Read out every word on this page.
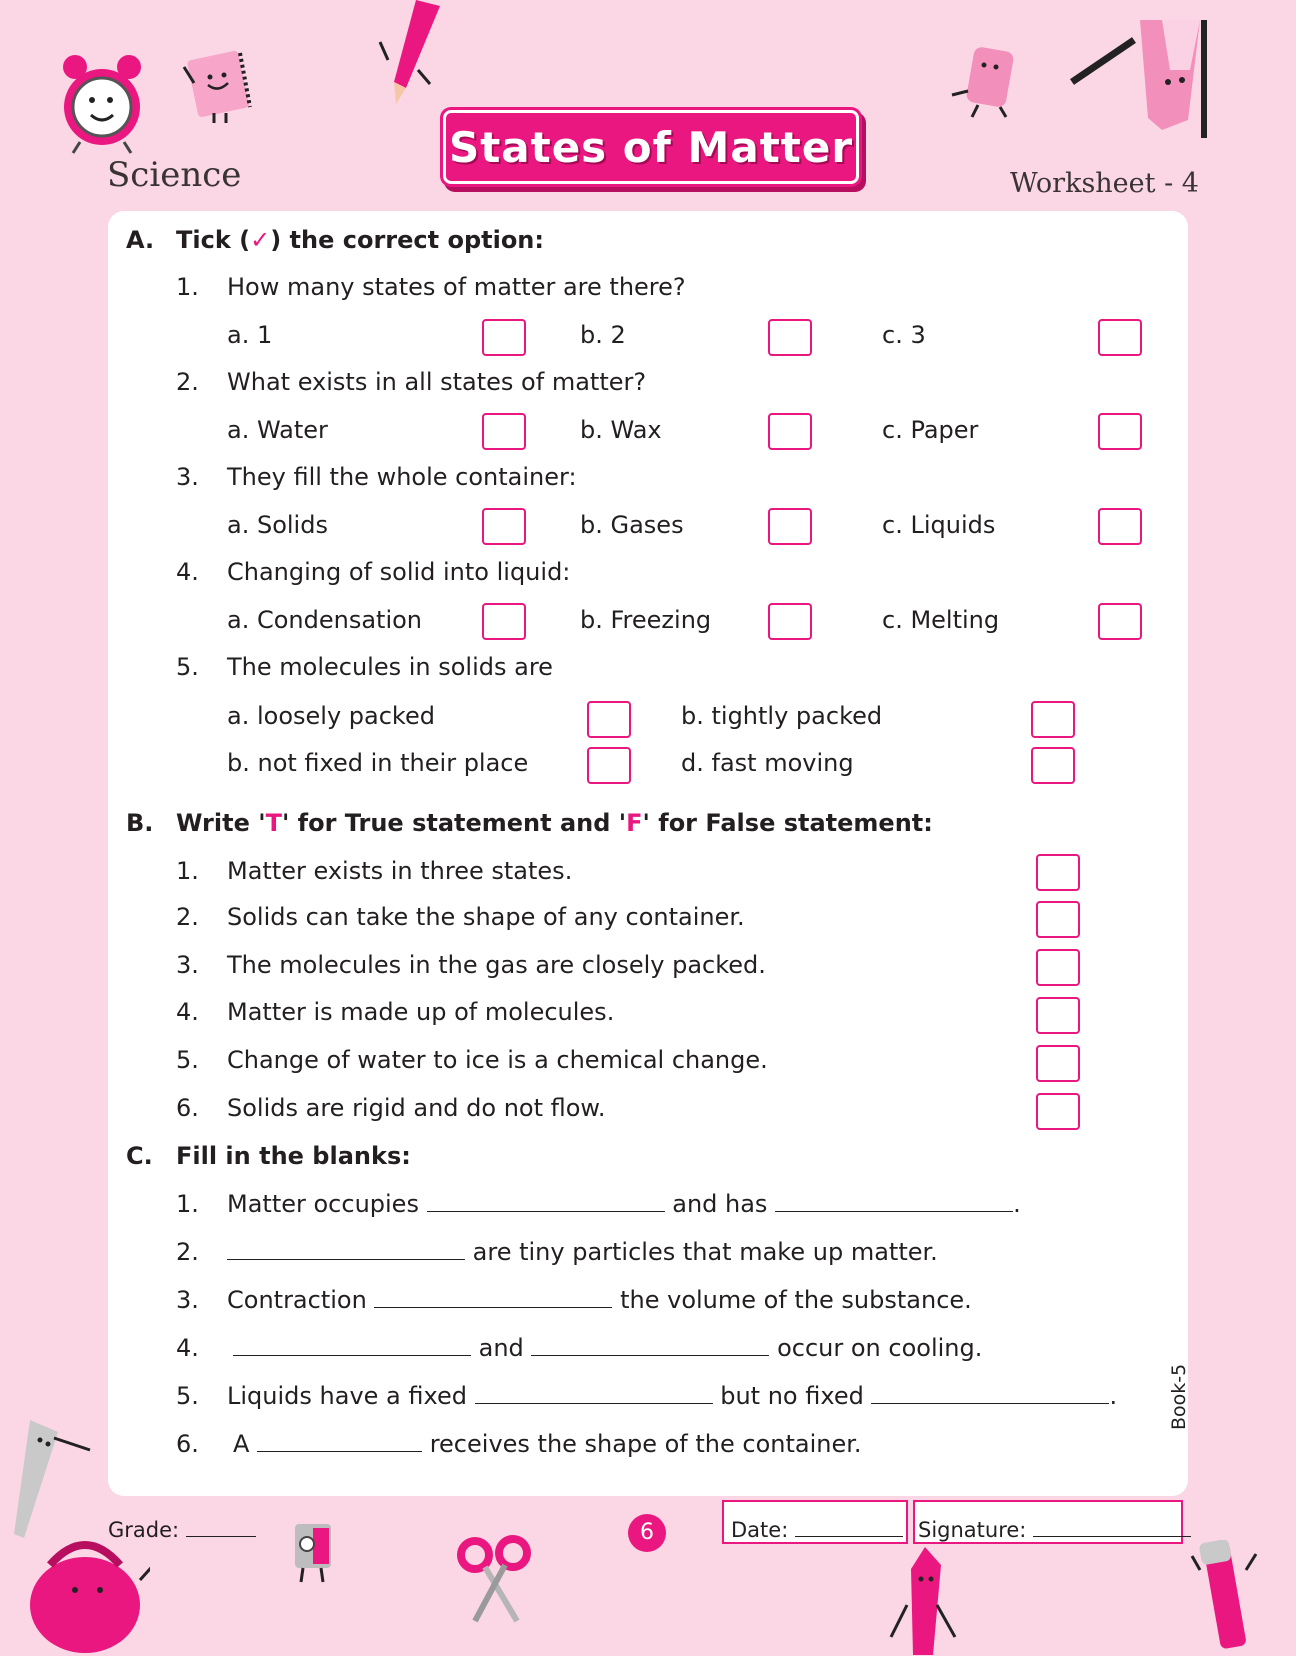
Science
States of Matter
Worksheet - 4
A. Tick (✓) the correct option:
1. How many states of matter are there?
a. 1	b. 2	c. 3
2. What exists in all states of matter?
a. Water	b. Wax	c. Paper
3. They fill the whole container:
a. Solids	b. Gases	c. Liquids
4. Changing of solid into liquid:
a. Condensation	b. Freezing	c. Melting
5. The molecules in solids are
a. loosely packed	b. tightly packed
b. not fixed in their place	d. fast moving
B. Write 'T' for True statement and 'F' for False statement:
1. Matter exists in three states.
2. Solids can take the shape of any container.
3. The molecules in the gas are closely packed.
4. Matter is made up of molecules.
5. Change of water to ice is a chemical change.
6. Solids are rigid and do not flow.
C. Fill in the blanks:
1. Matter occupies	and has	.
2.	are tiny particles that make up matter.
3. Contraction	the volume of the substance.
4.	and	occur on cooling.
5. Liquids have a fixed	but no fixed	.
6. A	receives the shape of the container.
Book-5
Grade:	6	Date:	Signature:
